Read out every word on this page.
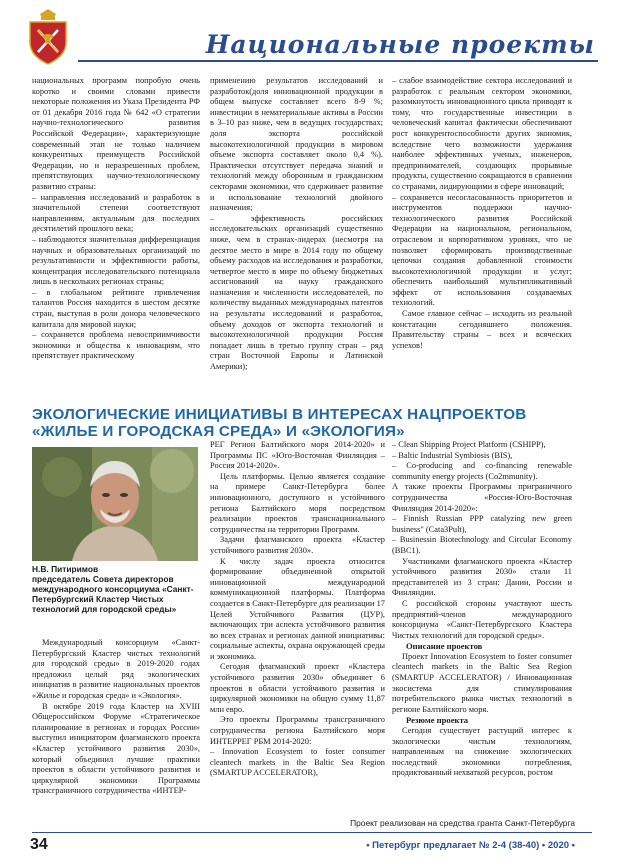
Национальные проекты

национальных программ попробую очень коротко и своими словами привести некоторые положения из Указа Президента РФ от 01 декабря 2016 года № 642 «О стратегии научно-технологического развития Российской Федерации», характеризующие современный этап не только наличием конкурентных преимуществ Российской Федерации, но и неразрешенных проблем, препятствующих научно-технологическому развитию страны:

– направления исследований и разработок в значительной степени соответствуют направлениям, актуальным для последних десятилетий прошлого века;

– наблюдаются значительная дифференциация научных и образовательных организаций по результативности и эффективности работы, концентрация исследовательского потенциала лишь в нескольких регионах страны;

– в глобальном рейтинге привлечения талантов Россия находится в шестом десятке стран, выступая в роли донора человеческого капитала для мировой науки;

– сохраняется проблема невосприимчивости экономики и общества к инновациям, что препятствует практическому

применению результатов исследований и разработок(доля инновационной продукции в общем выпуске составляет всего 8-9 %; инвестиции в нематериальные активы в России в 3–10 раз ниже, чем в ведущих государствах; доля экспорта российской высокотехнологичной продукции в мировом объеме экспорта составляет около 0,4 %). Практически отсутствует передача знаний и технологий между оборонным и гражданским секторами экономики, что сдерживает развитие и использование технологий двойного назначения;

– эффективность российских исследовательских организаций существенно ниже, чем в странах-лидерах (несмотря на десятое место в мире в 2014 году по общему объему расходов на исследования и разработки, четвертое место в мире по объему бюджетных ассигнований на науку гражданского назначения и численности исследователей, по количеству выданных международных патентов на результаты исследований и разработок, объему доходов от экспорта технологий и высокотехнологичной продукции Россия попадает лишь в третью группу стран – ряд стран Восточной Европы и Латинской Америки);

– слабое взаимодействие сектора исследований и разработок с реальным сектором экономики, разомкнутость инновационного цикла приводят к тому, что государственные инвестиции в человеческий капитал фактически обеспечивают рост конкурентоспособности других экономик, вследствие чего возможности удержания наиболее эффективных ученых, инженеров, предпринимателей, создающих прорывные продукты, существенно сокращаются в сравнении со странами, лидирующими в сфере инноваций;

– сохраняется несогласованность приоритетов и инструментов поддержки научно-технологического развития Российской Федерации на национальном, региональном, отраслевом и корпоративном уровнях, что не позволяет сформировать производственные цепочки создания добавленной стоимости высокотехнологичной продукции и услуг; обеспечить наибольший мультипликативный эффект от использования создаваемых технологий.

Самое главное сейчас – исходить из реальной констатации сегодняшнего положения. Правительству страны – всех и всяческих успехов!

ЭКОЛОГИЧЕСКИЕ ИНИЦИАТИВЫ В ИНТЕРЕСАХ НАЦПРОЕКТОВ «ЖИЛЬЕ И ГОРОДСКАЯ СРЕДА» И «ЭКОЛОГИЯ»
Н.В. Питиримов
председатель Совета директоров международного консорциума «Санкт-Петербургский Кластер Чистых технологий для городской среды»

Международный консорциум «Санкт-Петербургский Кластер чистых технологий для городской среды» в 2019-2020 годах предложил целый ряд экологических инициатив в развитие национальных проектов «Жилье и городская среда» и «Экология».

В октябре 2019 года Кластер на XVIII Общероссийском Форуме «Стратегическое планирование в регионах и городах России» выступил инициатором флагманского проекта «Кластер устойчивого развития 2030», который объединил лучшие практики проектов в области устойчивого развития и циркулярной экономики Программы трансграничного сотрудничества «ИНТЕР-

РЕГ Регион Балтийского моря 2014-2020» и Программы ПС «Юго-Восточная Финляндия – Россия 2014-2020».

Цель платформы. Целью является создание на примере Санкт-Петербурга более инновационного, доступного и устойчивого региона Балтийского моря посредством реализации проектов транснационального сотрудничества на территории Программ.

Задачи флагманского проекта «Кластер устойчивого развития 2030».

К числу задач проекта относится формирование объединенной открытой инновационной международной коммуникационной платформы. Платформа создается в Санкт-Петербурге для реализации 17 Целей Устойчивого Развития (ЦУР), включающих три аспекта устойчивого развития во всех странах и регионах данной инициативы: социальные аспекты, охрана окружающей среды и экономика.

Сегодня флагманский проект «Кластера устойчивого развития 2030» объединяет 6 проектов в области устойчивого развития и циркулярной экономики на общую сумму 11,87 млн евро.

Это проекты Программы трансграничного сотрудничества региона Балтийского моря ИНТЕРРЕГ РБМ 2014-2020:

– Innovation Ecosystem to foster consumer cleantech markets in the Baltic Sea Region (SMARTUP ACCELERATOR),

– Clean Shipping Project Platform (CSHIPP),

– Baltic Industrial Symbiosis (BIS),

– Co-producing and co-financing renewable community energy projects (Co2mmunity).

А также проекты Программы приграничного сотрудничества «Россия-Юго-Восточная Финляндия 2014-2020»:

– Finnish Russian PPP catalyzing new green business" (Cata3Pult),

– Businessin Biotechnology and Circular Economy (BBC1).

Участниками флагманского проекта «Кластер устойчивого развития 2030» стали 11 представителей из 3 стран: Дании, России и Финляндии.

С российской стороны участвуют шесть предприятий-членов международного консорциума «Санкт-Петербургского Кластера Чистых технологий для городской среды».

Описание проектов

Проект Innovation Ecosystem to foster consumer cleantech markets in the Baltic Sea Region (SMARTUP ACCELERATOR) / Инновационная экосистема для стимулирования потребительского рынка чистых технологий в регионе Балтийского моря.

Резюме проекта

Сегодня существует растущий интерес к экологически чистым технологиям, направленным на снижение экологических последствий экономики потребления, продиктованный нехваткой ресурсов, ростом

Проект реализован на средства гранта Санкт-Петербурга
34	• Петербург предлагает № 2-4 (38-40) • 2020 •
